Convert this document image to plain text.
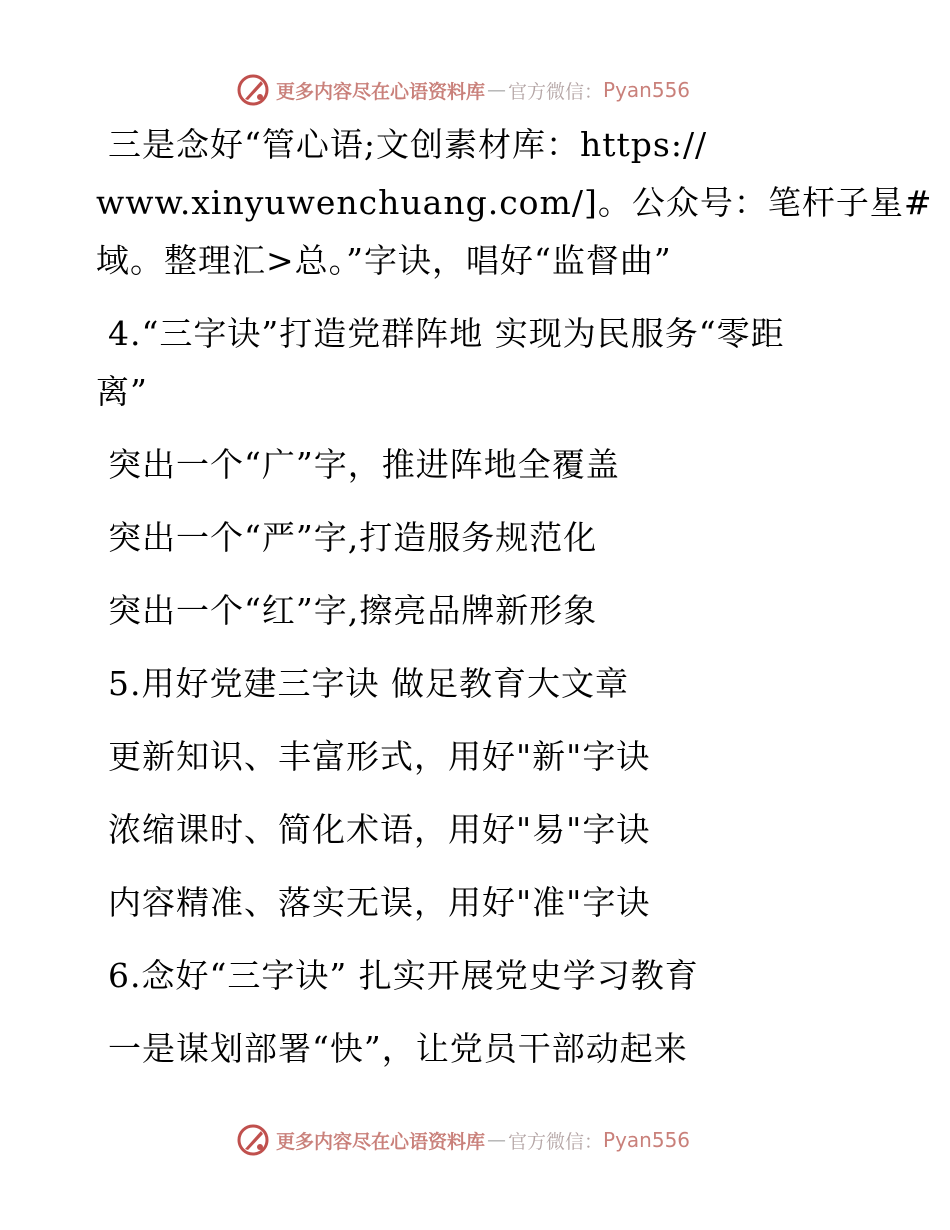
更多内容尽在心语资料库 — 官方微信： Pyan556

三是念好“管心语;文创素材库：https://

www.xinyuwenchuang.com/]。公众号：笔杆子星#

域。整理汇>总。”字诀，唱好“监督曲”

4.“三字诀”打造党群阵地 实现为民服务“零距

离”

突出一个“广”字，推进阵地全覆盖

突出一个“严”字,打造服务规范化

突出一个“红”字,擦亮品牌新形象

5.用好党建三字诀 做足教育大文章

更新知识、丰富形式，用好"新"字诀

浓缩课时、简化术语，用好"易"字诀

内容精准、落实无误，用好"准"字诀

6.念好“三字诀” 扎实开展党史学习教育

一是谋划部署“快”，让党员干部动起来

更多内容尽在心语资料库 — 官方微信： Pyan556
